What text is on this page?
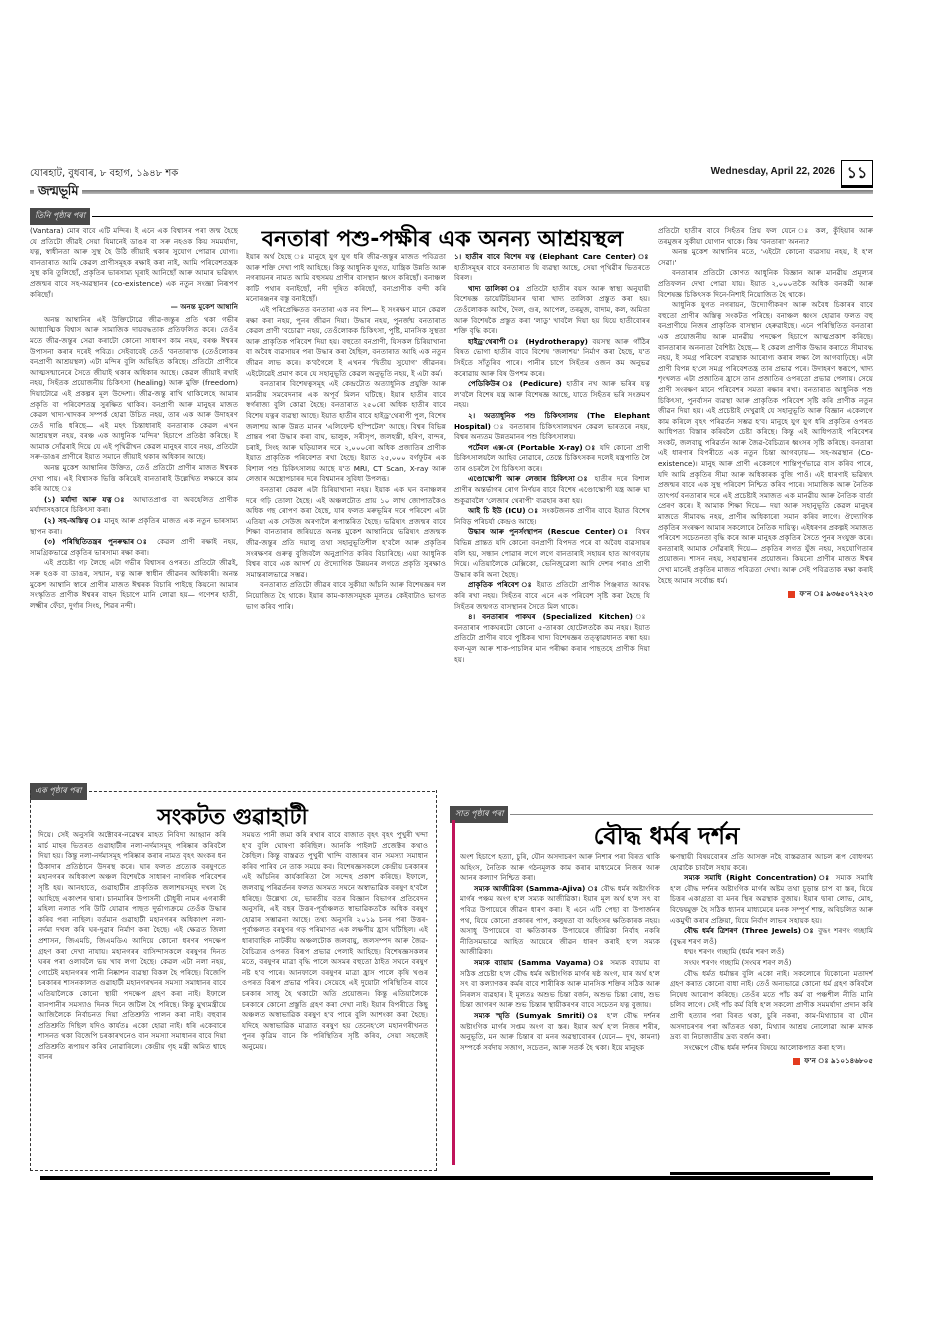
যোৰহাট, বুধবাৰ, ৮ বহাগ, ১৯৪৮ শক	Wednesday, April 22, 2026 ১১
জন্মভূমি
তিনি পৃষ্ঠাৰ পৰা
বনতাৰা পশু-পক্ষীৰ এক অনন্য আশ্ৰয়স্থল

(Vantara) মোৰ বাবে এটি মন্দিৰ। ই এনে এক বিশ্বাসৰ পৰা জন্ম হৈছে যে প্ৰতিটো জীৱই সেয়া যিমানেই ডাঙৰ বা সৰু নহওক কিয় সমমৰ্যাদা, যত্ন, স্বাধীনতা আৰু সুস্থ হৈ উঠি জীয়াই থকাৰ সুযোগ পোৱাৰ যোগ্য। বানতাৰাত আমি কেৱল প্ৰাণীসমূহক ৰক্ষাই কৰা নাই, আমি পৰিবেশতন্ত্ৰক সুস্থ কৰি তুলিছোঁ, প্ৰকৃতিৰ ভাৰসাম্য ঘূৰাই আনিছোঁ আৰু আমাৰ ভৱিষ্যৎ প্ৰজন্মৰ বাবে সহ-অৱস্থানৰ (co-existence) এক নতুন সংজ্ঞা নিৰূপণ কৰিছোঁ।

— অনন্ত মুকেশ আম্বানি

অনন্ত আম্বানিৰ এই উক্তিটোৱে জীৱ-জন্তুৰ প্ৰতি থকা গভীৰ আধ্যাত্মিক বিশ্বাস আৰু সামাজিক দায়বদ্ধতাক প্ৰতিফলিত কৰে। তেওঁৰ মতে জীৱ-জন্তুৰ সেৱা কৰাটো কোনো সাধাৰণ কাম নহয়, বৰঞ্চ ঈশ্বৰৰ উপাসনা কৰাৰ দৰেই পবিত্ৰ। সেইবাবেই তেওঁ 'বনতাৰা'ক (তেওঁলোকৰ বনপ্ৰাণী আশ্ৰয়স্থল) এটা মন্দিৰ বুলি অভিহিত কৰিছে। প্ৰতিটো প্ৰাণীৰে আত্মসন্মানেৰে সৈতে জীয়াই থকাৰ অধিকাৰ আছে। কেৱল জীয়াই ৰখাই নহয়, সিহঁতক প্ৰয়োজনীয় চিকিৎসা (healing) আৰু মুক্তি (freedom) দিয়াটোৱে এই প্ৰকল্পৰ মূল উদ্দেশ্য। জীৱ-জন্তু ৰাখি থাকিলেহে আমাৰ প্ৰকৃতি বা পৰিবেশতন্ত্ৰ সুৰক্ষিত থাকিব। বনপ্ৰাণী আৰু মানুহৰ মাজত কেৱল খাদ্য-খাদকৰ সম্পৰ্ক হোৱা উচিত নহয়, তাৰ এক আৰু উদাহৰণ তেওঁ দাঙি ধৰিছে— এই মহৎ চিন্তাধাৰাই বনতাৰাক কেৱল এখন আশ্ৰয়স্থল নহয়, বৰঞ্চ এক আধুনিক 'মন্দিৰ' হিচাপে প্ৰতিষ্ঠা কৰিছে। ই আমাক সোঁৱৰাই দিয়ে যে এই পৃথিৱীখন কেৱল মানুহৰ বাবে নহয়, প্ৰতিটো সৰু-ডাঙৰ প্ৰাণীৰে ইয়াত সমানে জীয়াই থকাৰ অধিকাৰ আছে।

অনন্ত মুকেশ আম্বানিৰ উক্তিত, তেওঁ প্ৰতিটো প্ৰাণীৰ মাজত ঈশ্বৰক দেখা পায়। এই বিশ্বাসক ভিত্তি কৰিয়েই বানতাৰাই উল্লেখিত লক্ষ্যৰে কাম কৰি আছে ঃ

(১) মৰ্যাদা আৰু যত্ন ঃ আঘাতপ্ৰাপ্ত বা অবহেলিত প্ৰাণীক মৰ্যাদাসহকাৰে চিকিৎসা কৰা।

(২) সহ-অস্তিত্ব ঃ মানুহ আৰু প্ৰকৃতিৰ মাজত এক নতুন ভাৰসাম্য স্থাপন কৰা।

(৩) পৰিস্থিতিতন্ত্ৰৰ পুনৰুদ্ধাৰ ঃ কেৱল প্ৰাণী ৰক্ষাই নহয়, সামগ্ৰিকভাৱে প্ৰকৃতিৰ ভাৰসাম্য ৰক্ষা কৰা।

এই প্ৰচেষ্টা গঢ় লৈছে এটা গভীৰ বিশ্বাসৰ ওপৰত। প্ৰতিটো জীৱই, সৰু হওক বা ডাঙৰ, সন্মান, যত্ন আৰু স্বাধীন জীৱনৰ অধিকাৰী। অনন্ত মুকেশ আম্বানি স্বাৰে প্ৰাণীৰ মাজত ঈশ্বৰক বিচাৰি পাইছে কিয়নো আমাৰ সংস্কৃতিত প্ৰাণীক ঈশ্বৰৰ বাহন হিচাপে মানি লোৱা হয়— গণেশৰ হাতী, লক্ষ্মীৰ ফেঁচা, দুৰ্গাৰ সিংহ, শিৱৰ নন্দী।

ইয়াৰ অৰ্থ হৈছে ঃ মানুহে যুগ যুগ ধৰি জীৱ-জন্তুৰ মাজত পবিত্ৰতা আৰু শক্তি দেখা পাই আহিছে। কিন্তু আধুনিক যুগত, যান্ত্ৰিক উন্নতি আৰু নগৰায়নৰ নামত আমি বহুসময় প্ৰাণীৰ বাসস্থান ধ্বংস কৰিছোঁ। বনাঞ্চল কাটি পথাৰ বনাইছোঁ, নদী দূষিত কৰিছোঁ, বন্যপ্ৰাণীক বন্দী কৰি মনোৰঞ্জনৰ বস্তু বনাইছোঁ।

এই পৰিপ্ৰেক্ষিতত বনতাৰা এক নব দিশ— ই সংৰক্ষণ মানে কেৱল ৰক্ষা কৰা নহয়, পুনৰ জীৱন দিয়া। উদ্ধাৰ নহয়, পুনৰ্জন্ম বনতাৰাত কেৱল প্ৰাণী 'বচোৱা' নহয়, তেওঁলোকক চিকিৎসা, পুষ্টি, মানসিক সুস্থতা আৰু প্ৰাকৃতিক পৰিবেশ দিয়া হয়। বহুতো বনপ্ৰাণী, যিসকল চিৰিয়াখানা বা অবৈধ ব্যৱসায়ৰ পৰা উদ্ধাৰ কৰা হৈছিল, বনতাৰাত আহি এক নতুন জীৱন লাভ কৰে। ক'বগৈলে ই এখনৰ 'দ্বিতীয় সুযোগ' জীৱনৰ। এইটোৱেই প্ৰমাণ কৰে যে সহানুভূতি কেৱল অনুভূতি নহয়, ই এটা কৰ্ম।

বনতাৰাৰ বিশেষত্বসমূহ এই কেন্দ্ৰটোত অত্যাধুনিক প্ৰযুক্তি আৰু মানৱীয় সমবেদনাৰ এক অপূৰ্ব মিলন ঘটিছে। ইয়াৰ হাতীৰ বাবে স্বৰ্গৰাজ্য বুলি কোৱা হৈছে। বনতাৰাত ২৫০ৰো অধিক হাতীৰ বাবে বিশেষ যত্নৰ ব্যৱস্থা আছে। ইয়াত হাতীৰ বাবে হাইড্ৰ'থেৰাপী পুল, বিশেষ জলাশয় আৰু উন্নত মানৰ 'এলিফেন্ট হস্পিটেল' আছে। বিশ্বৰ বিভিন্ন প্ৰান্তৰ পৰা উদ্ধাৰ কৰা বাঘ, ভালুক, সৰীসৃপ, জলহস্তী, হৰিণ, বান্দৰ, চৰাই, সিংহ আৰু ঘড়িয়ালৰ দৰে ২,০০০ৰো অধিক প্ৰজাতিৰ প্ৰাণীক ইয়াত প্ৰাকৃতিক পৰিবেশত ৰখা হৈছে। ইয়াত ২৫,০০০ বৰ্গফুটৰ এক বিশাল পশু চিকিৎসালয় আছে য'ত MRI, CT Scan, X-ray আৰু লেজাৰ অস্ত্ৰোপচাৰৰ দৰে বিশ্বমানৰ সুবিধা উপলব্ধ।

বনতাৰা কেৱল এটা চিৰিয়াখানা নহয়। ইয়াক এক ঘন বনাঞ্চলৰ দৰে গঢ়ি তোলা হৈছে। এই অঞ্চলটোত প্ৰায় ১০ লাখ জোপাতকৈও অধিক গছ ৰোপণ কৰা হৈছে, যাৰ ফলত মৰুভূমিৰ দৰে পৰিবেশ এটা এতিয়া এক সেউজ অৰণ্যলৈ ৰূপান্তৰিত হৈছে। ভৱিষ্যৎ প্ৰজন্মৰ বাবে শিক্ষা বানতাৰাৰ জৰিয়তে অনন্ত মুকেশ আম্বানিয়ে ভৱিষ্যৎ প্ৰজন্মক জীৱ-জন্তুৰ প্ৰতি দয়ালু তথা সহানুভূতিশীল হ'বলৈ আৰু প্ৰকৃতিৰ সংৰক্ষণৰ গুৰুত্ব বুজিবলৈ অনুপ্ৰাণিত কৰিব বিচাৰিছে। এয়া আধুনিক বিশ্বৰ বাবে এক আদৰ্শ যে ঔদ্যোগিক উন্নয়নৰ লগতে প্ৰকৃতি সুৰক্ষাও সমান্তৰালভাৱে সম্ভৱ।

বনতাৰাত প্ৰতিটো জীৱৰ বাবে সুকীয়া আঁচনি আৰু বিশেষজ্ঞৰ দল নিয়োজিত হৈ থাকে। ইয়াৰ কাম-কাজসমূহক মূলতঃ কেইবাটাও ভাগত ভাগ কৰিব পাৰি।

১। হাতীৰ বাবে বিশেষ যত্ন (Elephant Care Center) ঃ হাতীসমূহৰ বাবে বনতাৰাত যি ব্যৱস্থা আছে, সেয়া পৃথিৱীৰ ভিতৰতে বিৰল।

খাদ্য তালিকা ঃ প্ৰতিটো হাতীৰ বয়স আৰু স্বাস্থ্য অনুযায়ী বিশেষজ্ঞ ডায়েটিচিয়ানৰ দ্বাৰা খাদ্য তালিকা প্ৰস্তুত কৰা হয়। তেওঁলোকক আখৈ, দৈল, গুৰ, আপেল, তৰমুজ, বাদাম, কল, অমিতা আৰু বিশেষকৈ প্ৰস্তুত কৰা 'লাডু' খাবলৈ দিয়া হয় যিয়ে হাতীবোৰৰ শক্তি বৃদ্ধি কৰে।

হাইড্ৰ'থেৰাপী ঃ (Hydrotherapy) বয়সস্থ আৰু গাঁঠিৰ বিষত ভোগা হাতীৰ বাবে বিশেষ 'জলাশয়' নিৰ্মাণ কৰা হৈছে, য'ত সিহঁতে সাঁতুৰিব পাৰে। পানীৰ চাপে সিহঁতৰ ওজন কম অনুভৱ কৰোৱায় আৰু বিষ উপশম কৰে।

পেডিকিউৰ ঃ (Pedicure) হাতীৰ নখ আৰু ভৰিৰ যত্ন ল'বলৈ বিশেষ যন্ত্ৰ আৰু বিশেষজ্ঞ আছে, যাতে সিহঁতৰ ভৰি সংক্ৰমণ নহয়।

২। অত্যাধুনিক পশু চিকিৎসালয় (The Elephant Hospital) ঃ বনতাৰাৰ চিকিৎসালয়খন কেৱল ভাৰতৰে নহয়, বিশ্বৰ অন্যতম উন্নতমানৰ পশু চিকিৎসালয়।

পৰ্টেবল এক্স-ৰে (Portable X-ray) ঃ যদি কোনো প্ৰাণী চিকিৎসালয়লৈ আহিব নোৱাৰে, তেন্তে চিকিৎসকৰ দলেই যন্ত্ৰপাতি লৈ তাৰ ওচৰলৈ গৈ চিকিৎসা কৰে।

এণ্ডোস্কোপী আৰু লেজাৰ চিকিৎসা ঃ হাতীৰ দৰে বিশাল প্ৰাণীৰ অন্তৰ্ভাগৰ ৰোগ নিৰ্ণয়ৰ বাবে বিশেষ এণ্ডোস্কোপী যন্ত্ৰ আৰু ঘা শুকুৱাবলৈ 'লেজাৰ থেৰাপী' ব্যৱহাৰ কৰা হয়।

আই চি ইউ (ICU) ঃ সংকটজনক প্ৰাণীৰ বাবে ইয়াত বিশেষ নিবিড় পৰিচৰ্যা কেন্দ্ৰও আছে।

উদ্ধাৰ আৰু পুনৰ্সংস্থাপন (Rescue Center) ঃ বিশ্বৰ বিভিন্ন প্ৰান্তত যদি কোনো বনপ্ৰাণী বিপদত পৰে বা অবৈধ ব্যৱসায়ৰ বলি হয়, সন্ধান পোৱাৰ লগে লগে বানতাৰাই সহায়ৰ হাত আগবঢ়ায় দিয়ে। এতিয়ালৈকে মেক্সিকো, ভেনিজুৱেলা আদি দেশৰ পৰাও প্ৰাণী উদ্ধাৰ কৰি অনা হৈছে।

প্ৰাকৃতিক পৰিবেশ ঃ ইয়াত প্ৰতিটো প্ৰাণীক পিঞ্জৰাত আবদ্ধ কৰি ৰখা নহয়। সিহঁতৰ বাবে এনে এক পৰিবেশ সৃষ্টি কৰা হৈছে যি সিহঁতৰ জন্মগত বাসস্থানৰ সৈতে মিল থাকে।

৪। বনতাৰাৰ পাকঘৰ (Specialized Kitchen) বনতাৰাৰ পাকঘৰটো কোনো ৫-তাৰকা হোটেলতকৈ কম নহয়। ইয়াত প্ৰতিটো প্ৰাণীৰ বাবে পুষ্টিকৰ খাদ্য বিশেষজ্ঞৰ তত্ত্বাৱধানত ৰন্ধা হয়। ফল-মূল আৰু শাক-পাচলিৰ মান পৰীক্ষা কৰাৰ পাছতহে প্ৰাণীক দিয়া হয়।

প্ৰতিটো হাতীৰ বাবে সিহঁতৰ প্ৰিয় ফল যেনে ঃ কল, কুঁহিয়াৰ আৰু তৰমুজৰ সুকীয়া যোগান থাকে। কিয় 'বনতাৰা' অনন্য?

অনন্ত মুকেশ আম্বানিৰ মতে, 'এইটো কোনো ব্যৱসায় নহয়, ই হ'ল সেৱা।'

বনতাৰাৰ প্ৰতিটো কোণত আধুনিক বিজ্ঞান আৰু মানৱীয় প্ৰমূল্যৰ প্ৰতিফলন দেখা পোৱা যায়। ইয়াত ২,০০০তকৈ অধিক বনকৰ্মী আৰু বিশেষজ্ঞ চিকিৎসক দিনে-নিশাই নিয়োজিত হৈ থাকে।

আধুনিক যুগত নগৰায়ন, উদ্যোগীকৰণ আৰু অবৈধ চিকাৰৰ বাবে বহুতো প্ৰাণীৰ অস্তিত্ব সংকটত পৰিছে। বনাঞ্চল ধ্বংস হোৱাৰ ফলত বহু বনপ্ৰাণীয়ে নিজৰ প্ৰাকৃতিক বাসস্থান হেৰুৱাইছে। এনে পৰিস্থিতিত বনতাৰা এক প্ৰয়োজনীয় আৰু মানৱীয় পদক্ষেপ হিচাপে আত্মপ্ৰকাশ কৰিছে। বানতাৰাৰ অনন্যতা বৈশিষ্ট্য হৈছে— ই কেৱল প্ৰাণীক উদ্ধাৰ কৰাতে সীমাবদ্ধ নহয়, ই সমগ্ৰ পৰিবেশ ব্যৱস্থাক আৰোগ্য কৰাৰ লক্ষ্য লৈ আগবাঢ়িছে। এটা প্ৰাণী বিপন্ন হ'লে সমগ্ৰ পৰিবেশতন্ত্ৰ তাৰ প্ৰভাৱ পৰে। উদাহৰণ স্বৰূপে, খাদ্য শৃংখলত এটা প্ৰজাতিৰ হ্ৰাসে তান প্ৰজাতিৰ ওপৰতো প্ৰভাৱ পেলায়। সেয়ে প্ৰাণী সংৰক্ষণ মানে পৰিবেশৰ সমতা ৰক্ষাৰ ৰখা। বনতাৰাত আধুনিক পশু চিকিৎসা, পুনৰ্বাসন ব্যৱস্থা আৰু প্ৰাকৃতিক পৰিবেশ সৃষ্টি কৰি প্ৰাণীক নতুন জীৱন দিয়া হয়। এই প্ৰচেষ্টাই দেখুৱাই যে সহানুভূতি আৰু বিজ্ঞান একেলগে কাম কৰিলে বৃহৎ পৰিৱৰ্তন সম্ভৱ হ'ব। মানুহে যুগ যুগ ধৰি প্ৰকৃতিৰ ওপৰত আধিপত্য বিস্তাৰ কৰিবলৈ চেষ্টা কৰিছে। কিন্তু এই আধিপত্যই পৰিবেশৰ সংকট, জলবায়ু পৰিৱৰ্তন আৰু জৈৱ-বৈচিত্ৰ্যৰ ধ্বংসৰ সৃষ্টি কৰিছে। বনতাৰা এই ধাৰণাৰ বিপৰীতে এক নতুন চিন্তা আগবঢ়ায়— সহ-অৱস্থান (Co-existence)। মানুহ আৰু প্ৰাণী একেলগে শান্তিপূৰ্ণভাৱে বাস কৰিব পাৰে, যদি আমি প্ৰকৃতিৰ সীমা আৰু অধিকাৰক বুজি পাওঁ। এই ধাৰণাই ভৱিষ্যৎ প্ৰজন্মৰ বাবে এক সুস্থ পৰিবেশ নিশ্চিত কৰিব পাৰে। সামাজিক আৰু নৈতিক তাৎপৰ্য বনতাৰাৰ দৰে এই প্ৰচেষ্টাই সমাজত এক মানৱীয় আৰু নৈতিক বাৰ্তা প্ৰেৰণ কৰে। ই আমাক শিক্ষা দিয়ে— দয়া আৰু সহানুভূতি কেৱল মানুহৰ মাজতে সীমাবদ্ধ নহয়, প্ৰাণীৰ অধিকাৰো সমান কৰিব লাগে। ঔদ্যোগিক প্ৰকৃতিৰ সংৰক্ষণ আমাৰ সকলোৰে নৈতিক দায়িত্ব। এইধৰণৰ প্ৰকল্পই সমাজত পৰিবেশ সচেতনতা বৃদ্ধি কৰে আৰু মানুহক প্ৰকৃতিৰ সৈতে পুনৰ সংযুক্ত কৰে। বনতাৰাই আমাক সোঁৱৰাই দিয়ে— প্ৰকৃতিৰ লগত যুঁজ নহয়, সহযোগিতাৰ প্ৰয়োজন। শাসন নহয়, সহাৱস্থানৰ প্ৰয়োজন। কিয়নো প্ৰাণীৰ মাজত ঈশ্বৰ দেখা মানেই প্ৰকৃতিৰ মাজত পবিত্ৰতা দেখা। আৰু সেই পবিত্ৰতাক ৰক্ষা কৰাই হৈছে আমাৰ সৰ্বোচ্চ ধৰ্ম।

ফ'ন ঃ ৯৩৬৫০৭২২২৩
এক পৃষ্ঠাৰ পৰা
সংকটত গুৱাহাটী

দিয়ে। সেই অনুসৰি অক্টোবৰ-নৱেম্বৰ মাহত নিবিদা আহ্বান কৰি মাৰ্চ মাহৰ ভিতৰত গুৱাহাটীৰ নলা-নৰ্দমাসমূহ পৰিষ্কাৰ কৰিবলৈ দিয়া হয়। কিন্তু নলা-নৰ্দমাসমূহ পৰিষ্কাৰ কৰাৰ নামত বৃহৎ অংকৰ ধন ঠিকাদাৰ প্ৰতিষ্ঠানে উদৰস্থ কৰে। ঘাৰ ফলত প্ৰত্যেক বৰষুণতে মহানগৰৰ অধিকাংশ অঞ্চল বিশেষকৈ সাধাৰণ নাগৰিক পৰিবেশৰ সৃষ্টি হয়। আনহাতে, গুৱাহাটীৰ প্ৰাকৃতিক জলাশয়সমূহ দখল হৈ আহিছে একাংশৰ দ্বাৰা। চানমাৰিৰ উপাসনী চৌধুৰী নামৰ এগৰাকী মহিলা নলাত পৰি উটি যোৱাৰ পাছত দুৰ্ভাগ্যক্ৰমে তেওঁক উদ্ধাৰ কৰিব পৰা নাছিল। বৰ্তমান গুৱাহাটী মহানগৰৰ অধিকাংশ নলা-নৰ্দমা দখল কৰি ঘৰ-দুৱাৰ নিৰ্মাণ কৰা হৈছে। এই ক্ষেত্ৰত জিলা প্ৰশাসন, জিএমচি, জিএমডিএ আদিয়ে কোনো ধৰণৰ পদক্ষেপ গ্ৰহণ কৰা দেখা নাযায়। মহানগৰৰ বাসিন্দাসকলে বৰষুণৰ দিনত ঘৰৰ পৰা ওলাবলৈ ভয় খাব লগা হৈছে। কেৱল এটা নলা নহয়, গোটেই মহানগৰৰ পানী নিষ্কাশন ব্যৱস্থা বিকল হৈ পৰিছে। বিজেপি চৰকাৰৰ শাসনকালত গুৱাহাটী মহানগৰখনৰ সমস্যা সমাধানৰ বাবে এতিয়ালৈকে কোনো স্থায়ী পদক্ষেপ গ্ৰহণ কৰা নাই। ইফালে বানপানীৰ সমস্যাও দিনক দিনে জটিল হৈ পৰিছে। কিন্তু মুখ্যমন্ত্ৰীয়ে আজিলৈকে নিৰ্বাচনত দিয়া প্ৰতিশ্ৰুতি পালন কৰা নাই। বহুবাৰ প্ৰতিশ্ৰুতি দিছিল যদিও কাৰ্যতঃ একো হোৱা নাই। ধৰি একেবাৰে শাসনত থকা বিজেপি চৰকাৰখনেও বান সমস্যা সমাধানৰ বাবে দিয়া প্ৰতিশ্ৰুতি ৰূপায়ণ কৰিব নোৱাৰিলে। কেন্দ্ৰীয় গৃহ মন্ত্ৰী অমিত শ্বাহে বানৰ

সময়ত পানী জমা কৰি ৰখাৰ বাবে বাজাত বৃহৎ বৃহৎ পুখুৰী খন্দা হ'ব বুলি ঘোষণা কৰিছিল। আনকি পাইলট প্ৰজেক্টৰ কথাও কৈছিল। কিন্তু বাস্তৱত পুখুৰী খান্দি বাজাৰৰ বান সমস্যা সমাধান কৰিব পাৰিব নে তাক সময়ে কব। বিশেষজ্ঞসকলে কেন্দ্ৰীয় চৰকাৰৰ এই আঁচনিৰ কাৰ্যকাৰিতা লৈ সন্দেহ প্ৰকাশ কৰিছে। ইফালে, জলবায়ু পৰিৱৰ্তনৰ ফলত অসমত সঘনে অস্বাভাৱিক বৰষুণ হ'বলৈ ধৰিছে। উল্লেখ্য যে, ভাৰতীয় বতৰ বিজ্ঞান বিভাগৰ প্ৰতিবেদন অনুসৰি, এই বছৰ উত্তৰ-পূৰ্বাঞ্চলত স্বাভাৱিকতকৈ অধিক বৰষুণ হোৱাৰ সম্ভাৱনা আছে। তথ্য অনুসৰি ২০১৯ চনৰ পৰা উত্তৰ-পূৰ্বাঞ্চলত বৰষুণৰ গড় পৰিমাণত এক লক্ষণীয় হ্ৰাস ঘটিছিল। এই ধাৰাবাহিক নাটকীয় অঞ্চলটোক জলবায়ু, জলসম্পদ আৰু জৈৱ-বৈচিত্ৰ্যৰ ওপৰত বিৰূপ প্ৰভাৱ পেলাই আহিছে। বিশেষজ্ঞসকলৰ মতে, বৰষুণৰ মাত্ৰা বৃদ্ধি পালে অসমৰ বহুতো ঠাইত সঘনে বৰষুণ নষ্ট হ'ব পাৰে। আনফালে বৰষুণৰ মাত্ৰা হ্ৰাস পালে কৃষি খণ্ডৰ ওপৰত বিৰূপ প্ৰভাৱ পৰিব। সেয়েহে এই দুয়োটা পৰিস্থিতিৰ বাবে চৰকাৰ সাজু হৈ থকাটো অতি প্ৰয়োজন। কিন্তু এতিয়ালৈকে চৰকাৰে কোনো প্ৰস্তুতি গ্ৰহণ কৰা দেখা নাই। ইয়াৰ বিপৰীতে কিছু অঞ্চলত অস্বাভাৱিক বৰষুণ হ'ব পাৰে বুলি আশংকা কৰা হৈছে। যদিহে অস্বাভাৱিক মাত্ৰাত বৰষুণ হয় তেনেহ'লে মহানগৰীখনত পুনৰ কৃত্ৰিম বানে কি পৰিস্থিতিৰ সৃষ্টি কৰিব, সেয়া সহজেই অনুমেয়।

সাত পৃষ্ঠাৰ পৰা
বৌদ্ধ ধৰ্মৰ দৰ্শন

অংশ হিচাপে হত্যা, চুৰি, যৌন অসদাচৰণ আৰু নিশাৰ পৰা বিৰত থাকি অহিংস, নৈতিক আৰু গঠনমূলক কাম কৰাৰ মাধ্যমেৰে নিজৰ আৰু আনৰ কল্যাণ নিশ্চিত কৰা।

সম্যক আজীৱিকা (Samma-Ajiva) ঃ বৌদ্ধ ধৰ্মৰ অষ্টাংগিক মাৰ্গৰ পঞ্চম অংগ হ'ল সম্যক আজীৱিকা। ইয়াৰ মূল অৰ্থ হ'ল সৎ বা পবিত্ৰ উপায়েৰে জীৱন ধাৰণ কৰা। ই এনে এটি পেছা বা উপাৰ্জনৰ পথ, যিয়ে কোনো প্ৰকাৰৰ পাপ, কলুষতা বা অহিংসৰ ক্ষতিকাৰক নহয়। অসাধু উপায়েৰে বা ক্ষতিকাৰক উপায়েৰে জীৱিকা নিৰ্বাহ নকৰি নীতিসমভাৱে আহিত আয়েৰে জীৱন ধাৰণ কৰাই হ'ল সম্যক আজীৱিকা।

সম্যক ব্যায়াম (Samma Vayama) ঃ সম্যক ব্যায়াম বা সঠিক প্ৰচেষ্টা হ'ল বৌদ্ধ ধৰ্মৰ অষ্টাংগিক মাৰ্গৰ ষষ্ঠ অংগ, যাৰ অৰ্থ হ'ল সৎ বা কল্যাণকৰ কৰ্মৰ বাবে শাৰীৰিক আৰু মানসিক শক্তিৰ সঠিক আৰু নিৰলস ব্যৱহাৰ। ই মূলতঃ অশুভ চিন্তা বৰ্জন, অশুভ চিন্তা ৰোধ, শুভ চিন্তা জাগৰণ আৰু শুভ চিন্তাৰ স্থায়ীকৰণৰ বাবে সচেতন যত্ন বুজায়।

সম্যক স্মৃতি (Sumyak Smriti) ঃ হ'ল বৌদ্ধ দৰ্শনৰ অষ্টাংগিক মাৰ্গৰ সপ্তম অংগ বা স্তৰ। ইয়াৰ অৰ্থ হ'ল নিজৰ শৰীৰ, অনুভূতি, মন আৰু চিন্তাৰ বা মনৰ অৱস্থাবোৰৰ (যেনে— দুখ, কামনা) সম্পৰ্কে সৰ্বদায় সজাগ, সচেতন, আৰু সতৰ্ক হৈ থকা। ইয়ে মানুহক

ক্ষণস্থায়ী বিষয়বোৰৰ প্ৰতি আসক্ত নহৈ বাস্তৱতাৰ আচল ৰূপ বোধগম্য হোৱাকৈ চাবলৈ সহায় কৰে।

সম্যক সমাধি (Right Concentration) ঃ সম্যক সমাধি হ'ল বৌদ্ধ দৰ্শনৰ অষ্টাংগিক মাৰ্গৰ অষ্টম তথা চূড়ান্ত চাপ বা স্তৰ, যিয়ে চিত্তৰ একাগ্ৰতা বা মনৰ স্থিৰ অৱস্থাক বুজায়। ইয়াৰ দ্বাৰা লোভ, মোহ, বিদ্বেষমুক্ত হৈ সঠিক ধ্যানৰ মাধ্যমেৰে মনক সম্পূৰ্ণ শান্ত, অবিচলিত আৰু একমুখী কৰাৰ প্ৰক্ৰিয়া, যিয়ে নিৰ্বাণ লাভৰ সহায়ক হয়।

বৌদ্ধ ধৰ্মৰ ত্ৰিশৰণ (Three Jewels) ঃ বুদ্ধং শৰণং গচ্ছামি (বুদ্ধৰ শৰণ লওঁ)

ধম্মং শৰণং গচ্ছামি (ধৰ্মৰ শৰণ লওঁ)

সংঘং শৰণং গচ্ছামি (সংঘৰ শৰণ লওঁ)

বৌদ্ধ ধৰ্মত ধৰ্মান্তৰ বুলি একো নাই। সকলোৰে যিকোনো মতাদৰ্শ গ্ৰহণ কৰাত কোনো বাধা নাই। তেওঁ অন্যভাৱে কোনো ধৰ্ম গ্ৰহণ কৰিবলৈ নিষেধ আৰোপ কৰিছে। তেওঁৰ মতে পাঁচ কৰ্ম বা পঞ্চশীল নীতি মানি চলিব লাগে। সেই পাঁচ কৰ্ম বিধি হ'ল সকলো প্ৰাণীক সমমৰ্যাদা প্ৰদান কৰি প্ৰাণী হত্যাৰ পৰা বিৰত থকা, চুৰি নকৰা, কাম-মিথ্যাচাৰ বা যৌন অসদাচৰণৰ পৰা আঁতৰত থকা, মিথ্যাৰ আশ্ৰয় নোলোৱা আৰু মাদক দ্ৰব্য বা নিচাজাতীয় দ্ৰব্য বৰ্জন কৰা।

সংক্ষেপে বৌদ্ধ ধৰ্মৰ দৰ্শনৰ বিষয়ে আলোকপাত কৰা হ'ল।

ফ'ন ঃ ৯১০১৪৬৮০৫
